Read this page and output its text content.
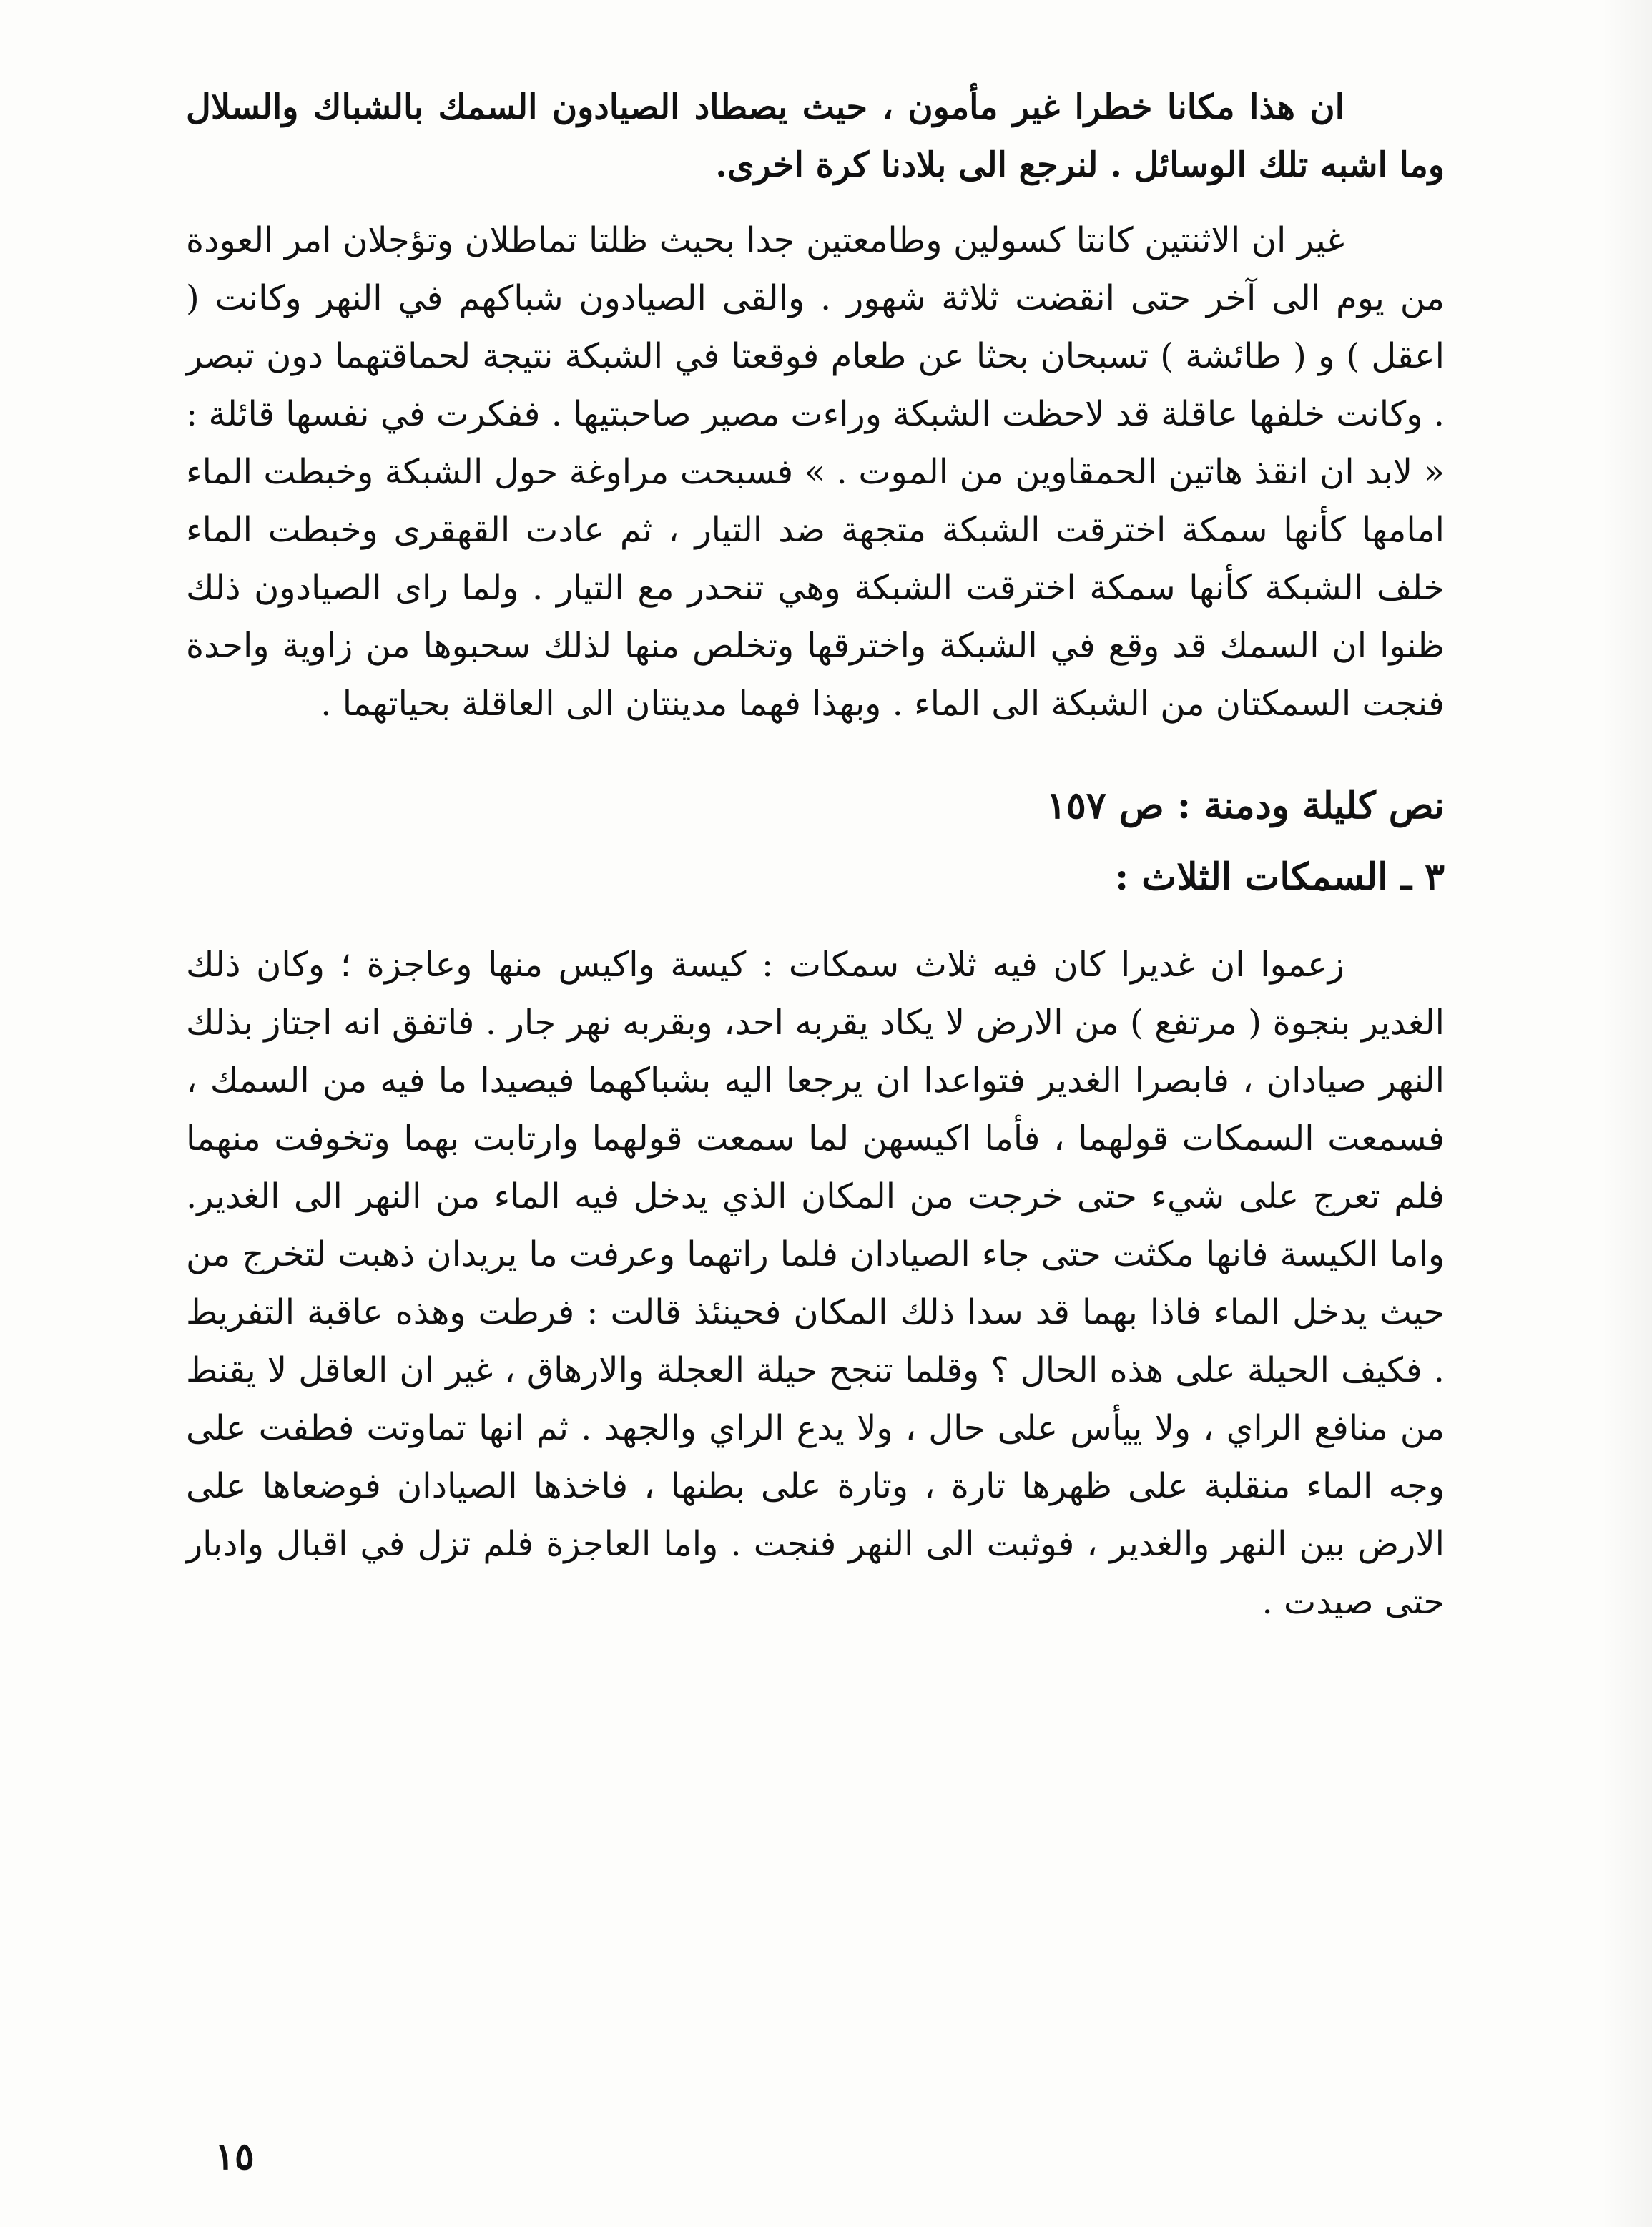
ان هذا مكانا خطرا غير مأمون ، حيث يصطاد الصيادون السمك بالشباك والسلال وما اشبه تلك الوسائل . لنرجع الى بلادنا كرة اخرى.

غير ان الاثنتين كانتا كسولين وطامعتين جدا بحيث ظلتا تماطلان وتؤجلان امر العودة من يوم الى آخر حتى انقضت ثلاثة شهور . والقى الصيادون شباكهم في النهر وكانت ( اعقل ) و ( طائشة ) تسبحان بحثا عن طعام فوقعتا في الشبكة نتيجة لحماقتهما دون تبصر . وكانت خلفها عاقلة قد لاحظت الشبكة وراءت مصير صاحبتيها . ففكرت في نفسها قائلة : « لابد ان انقذ هاتين الحمقاوين من الموت . » فسبحت مراوغة حول الشبكة وخبطت الماء امامها كأنها سمكة اخترقت الشبكة متجهة ضد التيار ، ثم عادت القهقرى وخبطت الماء خلف الشبكة كأنها سمكة اخترقت الشبكة وهي تنحدر مع التيار . ولما راى الصيادون ذلك ظنوا ان السمك قد وقع في الشبكة واخترقها وتخلص منها لذلك سحبوها من زاوية واحدة فنجت السمكتان من الشبكة الى الماء . وبهذا فهما مدينتان الى العاقلة بحياتهما .

نص كليلة ودمنة : ص ١٥٧
٣ ـ السمكات الثلاث :

زعموا ان غديرا كان فيه ثلاث سمكات : كيسة واكيس منها وعاجزة ؛ وكان ذلك الغدير بنجوة ( مرتفع ) من الارض لا يكاد يقربه احد، وبقربه نهر جار . فاتفق انه اجتاز بذلك النهر صيادان ، فابصرا الغدير فتواعدا ان يرجعا اليه بشباكهما فيصيدا ما فيه من السمك ، فسمعت السمكات قولهما ، فأما اكيسهن لما سمعت قولهما وارتابت بهما وتخوفت منهما فلم تعرج على شيء حتى خرجت من المكان الذي يدخل فيه الماء من النهر الى الغدير. واما الكيسة فانها مكثت حتى جاء الصيادان فلما راتهما وعرفت ما يريدان ذهبت لتخرج من حيث يدخل الماء فاذا بهما قد سدا ذلك المكان فحينئذ قالت : فرطت وهذه عاقبة التفريط . فكيف الحيلة على هذه الحال ؟ وقلما تنجح حيلة العجلة والارهاق ، غير ان العاقل لا يقنط من منافع الراي ، ولا ييأس على حال ، ولا يدع الراي والجهد . ثم انها تماوتت فطفت على وجه الماء منقلبة على ظهرها تارة ، وتارة على بطنها ، فاخذها الصيادان فوضعاها على الارض بين النهر والغدير ، فوثبت الى النهر فنجت . واما العاجزة فلم تزل في اقبال وادبار حتى صيدت .

١٥
